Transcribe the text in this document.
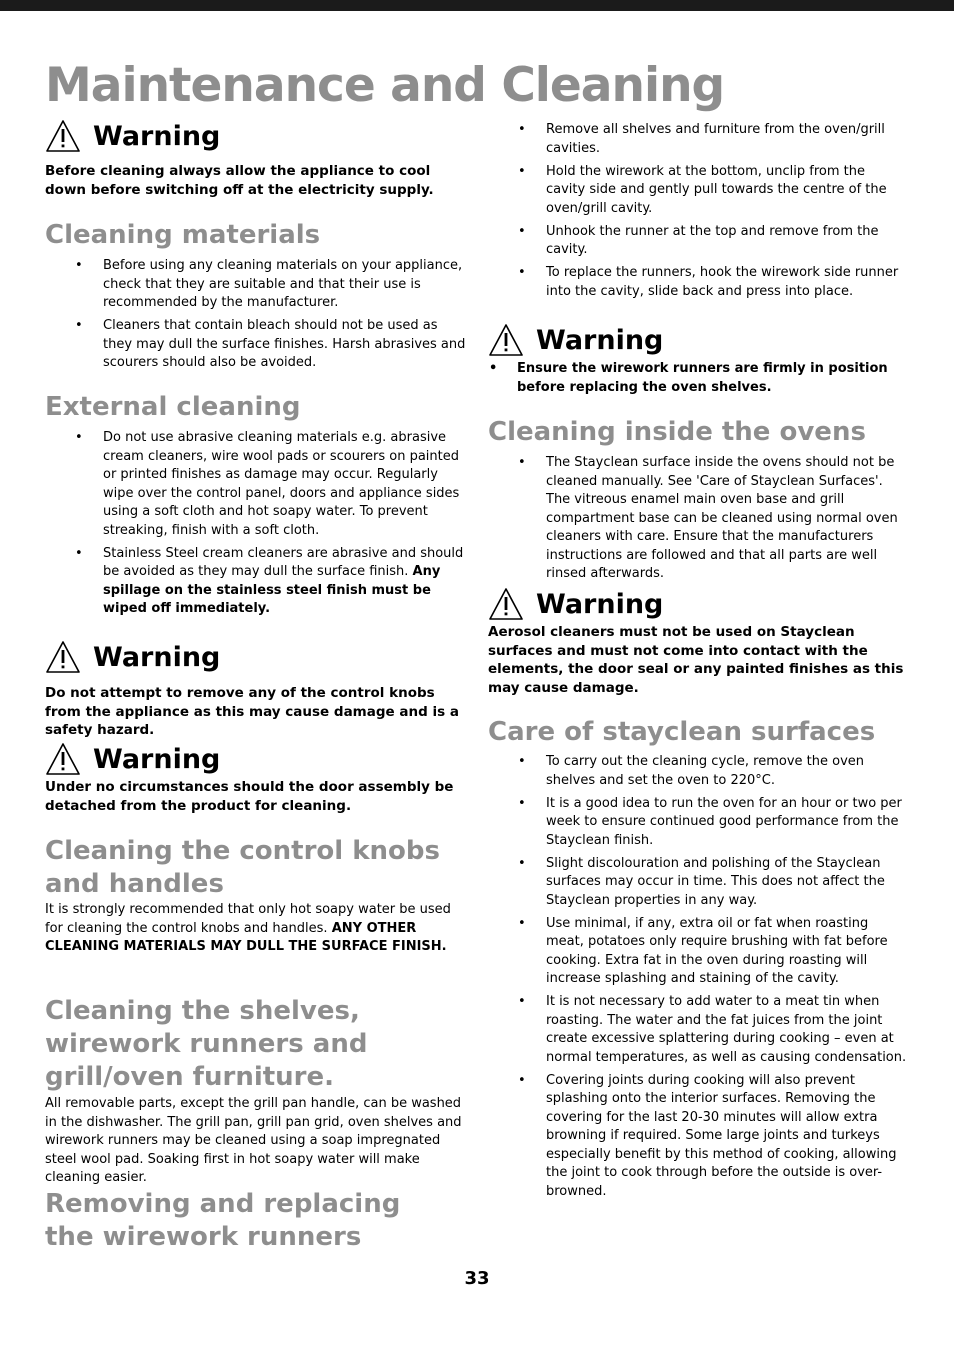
Maintenance and Cleaning
Warning

Before cleaning always allow the appliance to cool down before switching off at the electricity supply.

Cleaning materials
• Before using any cleaning materials on your appliance, check that they are suitable and that their use is recommended by the manufacturer.
• Cleaners that contain bleach should not be used as they may dull the surface finishes. Harsh abrasives and scourers should also be avoided.
External cleaning
• Do not use abrasive cleaning materials e.g. abrasive cream cleaners, wire wool pads or scourers on painted or printed finishes as damage may occur. Regularly wipe over the control panel, doors and appliance sides using a soft cloth and hot soapy water. To prevent streaking, finish with a soft cloth.
• Stainless Steel cream cleaners are abrasive and should be avoided as they may dull the surface finish. Any spillage on the stainless steel finish must be wiped off immediately.
Warning

Do not attempt to remove any of the control knobs from the appliance as this may cause damage and is a safety hazard.

Warning

Under no circumstances should the door assembly be detached from the product for cleaning.

Cleaning the control knobs and handles

It is strongly recommended that only hot soapy water be used for cleaning the control knobs and handles. ANY OTHER CLEANING MATERIALS MAY DULL THE SURFACE FINISH.

Cleaning the shelves, wirework runners and grill/oven furniture.

All removable parts, except the grill pan handle, can be washed in the dishwasher. The grill pan, grill pan grid, oven shelves and wirework runners may be cleaned using a soap impregnated steel wool pad. Soaking first in hot soapy water will make cleaning easier.

Removing and replacing the wirework runners
• Remove all shelves and furniture from the oven/grill cavities.
• Hold the wirework at the bottom, unclip from the cavity side and gently pull towards the centre of the oven/grill cavity.
• Unhook the runner at the top and remove from the cavity.
• To replace the runners, hook the wirework side runner into the cavity, slide back and press into place.
Warning
• Ensure the wirework runners are firmly in position before replacing the oven shelves.
Cleaning inside the ovens
• The Stayclean surface inside the ovens should not be cleaned manually. See 'Care of Stayclean Surfaces'. The vitreous enamel main oven base and grill compartment base can be cleaned using normal oven cleaners with care. Ensure that the manufacturers instructions are followed and that all parts are well rinsed afterwards.
Warning

Aerosol cleaners must not be used on Stayclean surfaces and must not come into contact with the elements, the door seal or any painted finishes as this may cause damage.

Care of stayclean surfaces
• To carry out the cleaning cycle, remove the oven shelves and set the oven to 220°C.
• It is a good idea to run the oven for an hour or two per week to ensure continued good performance from the Stayclean finish.
• Slight discolouration and polishing of the Stayclean surfaces may occur in time. This does not affect the Stayclean properties in any way.
• Use minimal, if any, extra oil or fat when roasting meat, potatoes only require brushing with fat before cooking. Extra fat in the oven during roasting will increase splashing and staining of the cavity.
• It is not necessary to add water to a meat tin when roasting. The water and the fat juices from the joint create excessive splattering during cooking – even at normal temperatures, as well as causing condensation.
• Covering joints during cooking will also prevent splashing onto the interior surfaces. Removing the covering for the last 20-30 minutes will allow extra browning if required. Some large joints and turkeys especially benefit by this method of cooking, allowing the joint to cook through before the outside is over-browned.
33
